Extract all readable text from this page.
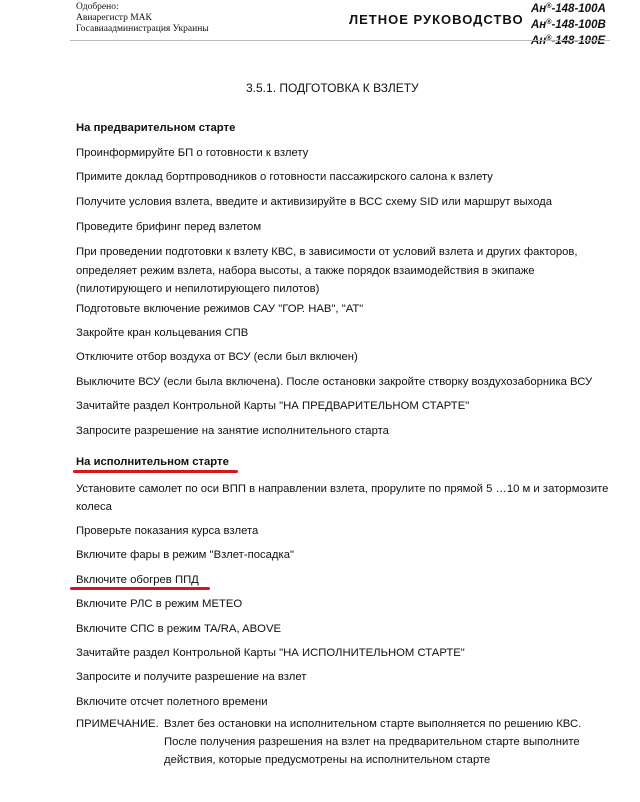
Одобрено:
Авиарегистр МАК
Госавиаадминистрация Украины
ЛЕТНОЕ РУКОВОДСТВО
Ан®-148-100A
Ан®-148-100B
Ан®-148-100E
3.5.1. ПОДГОТОВКА К ВЗЛЕТУ
На предварительном старте
Проинформируйте БП о готовности к взлету
Примите доклад бортпроводников о готовности пассажирского салона к взлету
Получите условия взлета, введите и активизируйте в ВСС схему SID или маршрут выхода
Проведите брифинг перед взлетом
При проведении подготовки к взлету КВС, в зависимости от условий взлета и других факторов,
определяет режим взлета, набора высоты, а также порядок взаимодействия в экипаже
(пилотирующего и непилотирующего пилотов)
Подготовьте включение режимов САУ "ГОР. НАВ", "АТ"
Закройте кран кольцевания СПВ
Отключите отбор воздуха от ВСУ (если был включен)
Выключите ВСУ (если была включена). После остановки закройте створку воздухозаборника ВСУ
Зачитайте раздел Контрольной Карты "НА ПРЕДВАРИТЕЛЬНОМ СТАРТЕ"
Запросите разрешение на занятие исполнительного старта
На исполнительном старте
Установите самолет по оси ВПП в направлении взлета, прорулите по прямой 5 …10 м и затормозите
колеса
Проверьте показания курса взлета
Включите фары в режим "Взлет-посадка"
Включите обогрев ППД
Включите РЛС в режим METEO
Включите СПС в режим TA/RA, ABOVE
Зачитайте раздел Контрольной Карты "НА ИСПОЛНИТЕЛЬНОМ СТАРТЕ"
Запросите и получите разрешение на взлет
Включите отсчет полетного времени
ПРИМЕЧАНИЕ. Взлет без остановки на исполнительном старте выполняется по решению КВС.
После получения разрешения на взлет на предварительном старте выполните
действия, которые предусмотрены на исполнительном старте
